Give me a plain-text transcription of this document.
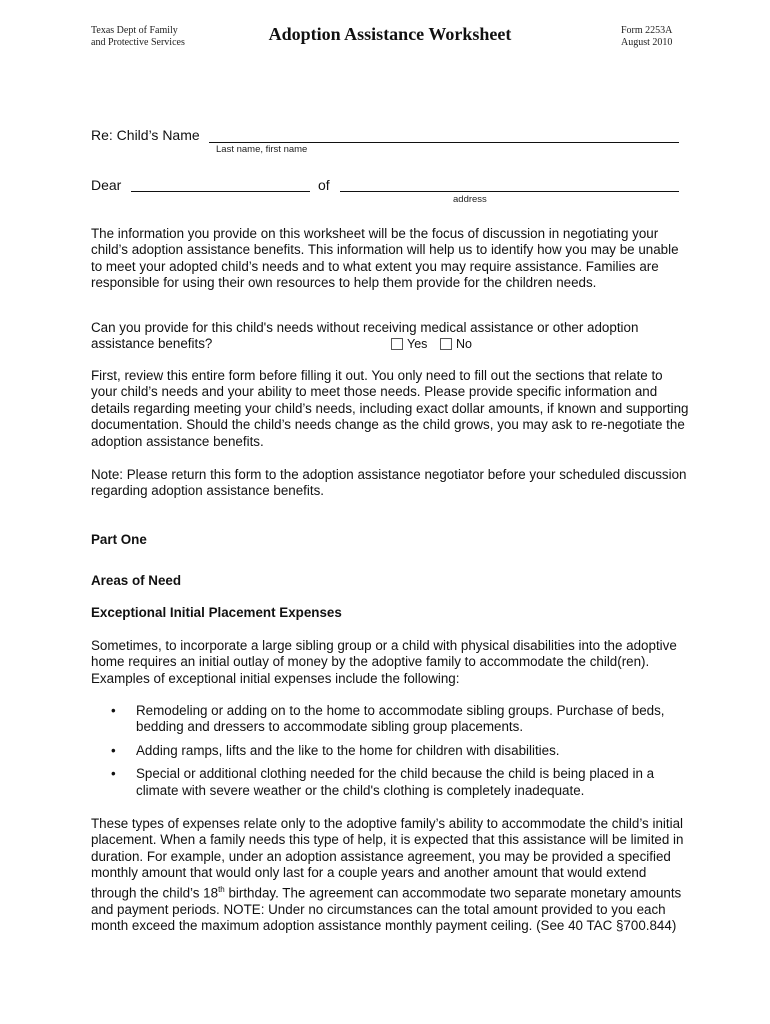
Texas Dept of Family
and Protective Services	Adoption Assistance Worksheet	Form 2253A
August 2010
Re: Child’s Name
Last name, first name
Dear	of
address

The information you provide on this worksheet will be the focus of discussion in negotiating your child’s adoption assistance benefits. This information will help us to identify how you may be unable to meet your adopted child’s needs and to what extent you may require assistance. Families are responsible for using their own resources to help them provide for the children needs.

Can you provide for this child's needs without receiving medical assistance or other adoption assistance benefits?	Yes	No

First, review this entire form before filling it out. You only need to fill out the sections that relate to your child’s needs and your ability to meet those needs. Please provide specific information and details regarding meeting your child’s needs, including exact dollar amounts, if known and supporting documentation. Should the child’s needs change as the child grows, you may ask to re-negotiate the adoption assistance benefits.

Note: Please return this form to the adoption assistance negotiator before your scheduled discussion regarding adoption assistance benefits.

Part One
Areas of Need
Exceptional Initial Placement Expenses

Sometimes, to incorporate a large sibling group or a child with physical disabilities into the adoptive home requires an initial outlay of money by the adoptive family to accommodate the child(ren). Examples of exceptional initial expenses include the following:

• Remodeling or adding on to the home to accommodate sibling groups. Purchase of beds, bedding and dressers to accommodate sibling group placements.
• Adding ramps, lifts and the like to the home for children with disabilities.
• Special or additional clothing needed for the child because the child is being placed in a climate with severe weather or the child's clothing is completely inadequate.

These types of expenses relate only to the adoptive family’s ability to accommodate the child’s initial placement. When a family needs this type of help, it is expected that this assistance will be limited in duration. For example, under an adoption assistance agreement, you may be provided a specified monthly amount that would only last for a couple years and another amount that would extend through the child’s 18th birthday. The agreement can accommodate two separate monetary amounts and payment periods. NOTE: Under no circumstances can the total amount provided to you each month exceed the maximum adoption assistance monthly payment ceiling. (See 40 TAC §700.844)
